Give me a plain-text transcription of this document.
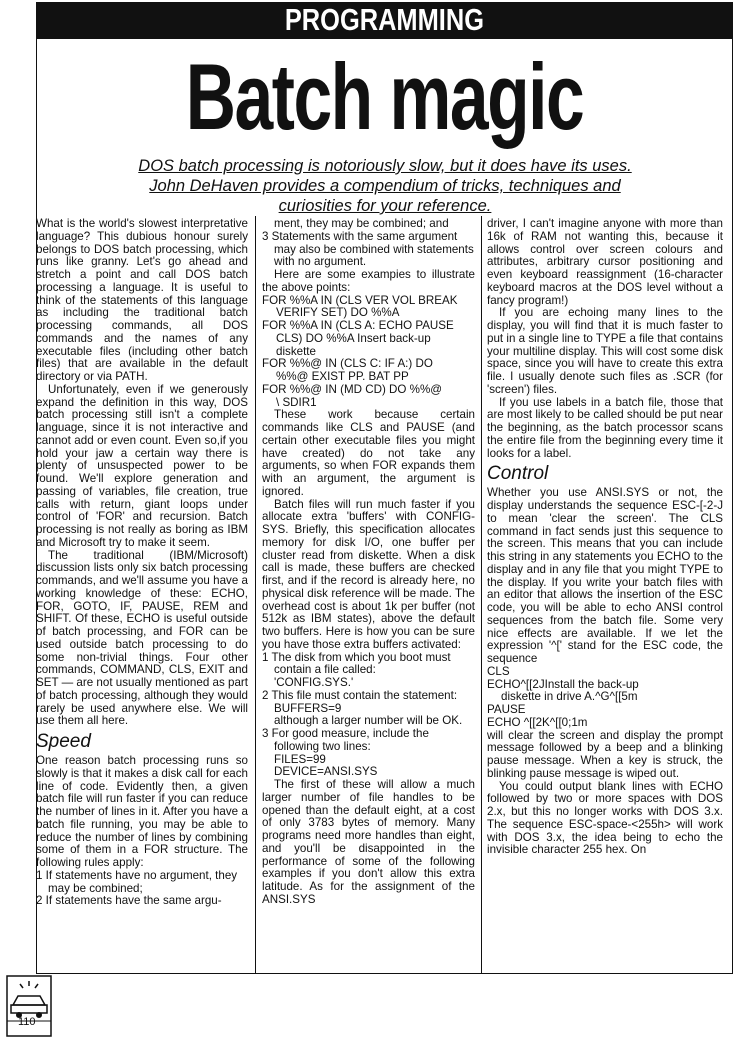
PROGRAMMING
Batch magic
DOS batch processing is notoriously slow, but it does have its uses.
John DeHaven provides a compendium of tricks, techniques and
curiosities for your reference.

What is the world's slowest interpretative language? This dubious honour surely belongs to DOS batch processing, which runs like granny. Let's go ahead and stretch a point and call DOS batch processing a language. It is useful to think of the statements of this language as including the traditional batch processing commands, all DOS commands and the names of any executable files (including other batch files) that are available in the default directory or via PATH.

Unfortunately, even if we generously expand the definition in this way, DOS batch processing still isn't a complete language, since it is not interactive and cannot add or even count. Even so,if you hold your jaw a certain way there is plenty of unsuspected power to be found. We'll explore generation and passing of variables, file creation, true calls with return, giant loops under control of 'FOR' and recursion. Batch processing is not really as boring as IBM and Microsoft try to make it seem.

The traditional (IBM/Microsoft) discussion lists only six batch processing commands, and we'll assume you have a working knowledge of these: ECHO, FOR, GOTO, IF, PAUSE, REM and SHIFT. Of these, ECHO is useful outside of batch processing, and FOR can be used outside batch processing to do some non-trivial things. Four other commands, COMMAND, CLS, EXIT and SET — are not usually mentioned as part of batch processing, although they would rarely be used anywhere else. We will use them all here.

Speed

One reason batch processing runs so slowly is that it makes a disk call for each line of code. Evidently then, a given batch file will run faster if you can reduce the number of lines in it. After you have a batch file running, you may be able to reduce the number of lines by combining some of them in a FOR structure. The following rules apply:

1 If statements have no argument, they may be combined;

2 If statements have the same argu-

ment, they may be combined; and

3 Statements with the same argument may also be combined with statements with no argument.

Here are some exampies to illustrate the above points:

FOR %%A IN (CLS VER VOL BREAK

VERIFY SET) DO %%A

FOR %%A IN (CLS A: ECHO PAUSE

CLS) DO %%A Insert back-up

diskette

FOR %%@ IN (CLS C: IF A:) DO

%%@ EXIST PP. BAT PP

FOR %%@ IN (MD CD) DO %%@

\ SDIR1

These work because certain commands like CLS and PAUSE (and certain other executable files you might have created) do not take any arguments, so when FOR expands them with an argument, the argument is ignored.

Batch files will run much faster if you allocate extra 'buffers' with CONFIG-SYS. Briefly, this specification allocates memory for disk I/O, one buffer per cluster read from diskette. When a disk call is made, these buffers are checked first, and if the record is already here, no physical disk reference will be made. The overhead cost is about 1k per buffer (not 512k as IBM states), above the default two buffers. Here is how you can be sure you have those extra buffers activated:

1 The disk from which you boot must contain a file called:

'CONFIG.SYS.'

2 This file must contain the statement:

BUFFERS=9

although a larger number will be OK.

3 For good measure, include the following two lines:

FILES=99

DEVICE=ANSI.SYS

The first of these will allow a much larger number of file handles to be opened than the default eight, at a cost of only 3783 bytes of memory. Many programs need more handles than eight, and you'll be disappointed in the performance of some of the following examples if you don't allow this extra latitude. As for the assignment of the ANSI.SYS

driver, I can't imagine anyone with more than 16k of RAM not wanting this, because it allows control over screen colours and attributes, arbitrary cursor positioning and even keyboard reassignment (16-character keyboard macros at the DOS level without a fancy program!)

If you are echoing many lines to the display, you will find that it is much faster to put in a single line to TYPE a file that contains your multiline display. This will cost some disk space, since you will have to create this extra file. I usually denote such files as .SCR (for 'screen') files.

If you use labels in a batch file, those that are most likely to be called should be put near the beginning, as the batch processor scans the entire file from the beginning every time it looks for a label.

Control

Whether you use ANSI.SYS or not, the display understands the sequence ESC-[-2-J to mean 'clear the screen'. The CLS command in fact sends just this sequence to the screen. This means that you can include this string in any statements you ECHO to the display and in any file that you might TYPE to the display. If you write your batch files with an editor that allows the insertion of the ESC code, you will be able to echo ANSI control sequences from the batch file. Some very nice effects are available. If we let the expression '^[' stand for the ESC code, the sequence

CLS

ECHO^[[2JInstall the back-up

diskette in drive A.^G^[[5m

PAUSE

ECHO ^[[2K^[[0;1m

will clear the screen and display the prompt message followed by a beep and a blinking pause message. When a key is struck, the blinking pause message is wiped out.

You could output blank lines with ECHO followed by two or more spaces with DOS 2.x, but this no longer works with DOS 3.x. The sequence ESC-space-<255h> will work with DOS 3.x, the idea being to echo the invisible character 255 hex. On

110
